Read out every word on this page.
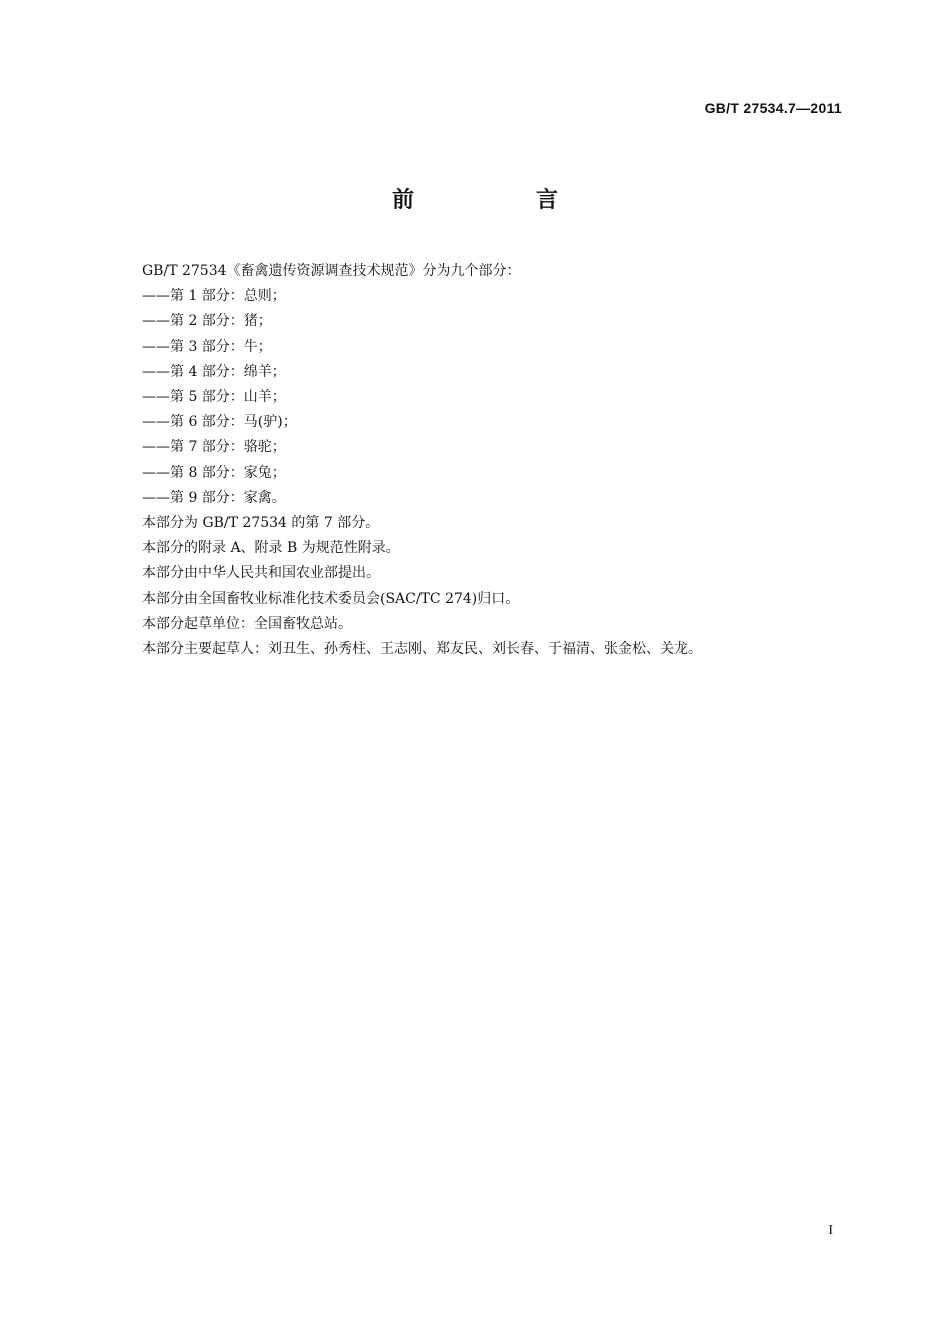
GB/T 27534.7—2011
前　言
GB/T 27534《畜禽遗传资源调查技术规范》分为九个部分：
——第 1 部分：总则；
——第 2 部分：猪；
——第 3 部分：牛；
——第 4 部分：绵羊；
——第 5 部分：山羊；
——第 6 部分：马(驴)；
——第 7 部分：骆驼；
——第 8 部分：家兔；
——第 9 部分：家禽。
本部分为 GB/T 27534 的第 7 部分。
本部分的附录 A、附录 B 为规范性附录。
本部分由中华人民共和国农业部提出。
本部分由全国畜牧业标准化技术委员会(SAC/TC 274)归口。
本部分起草单位：全国畜牧总站。
本部分主要起草人：刘丑生、孙秀柱、王志刚、郑友民、刘长春、于福清、张金松、关龙。
I
